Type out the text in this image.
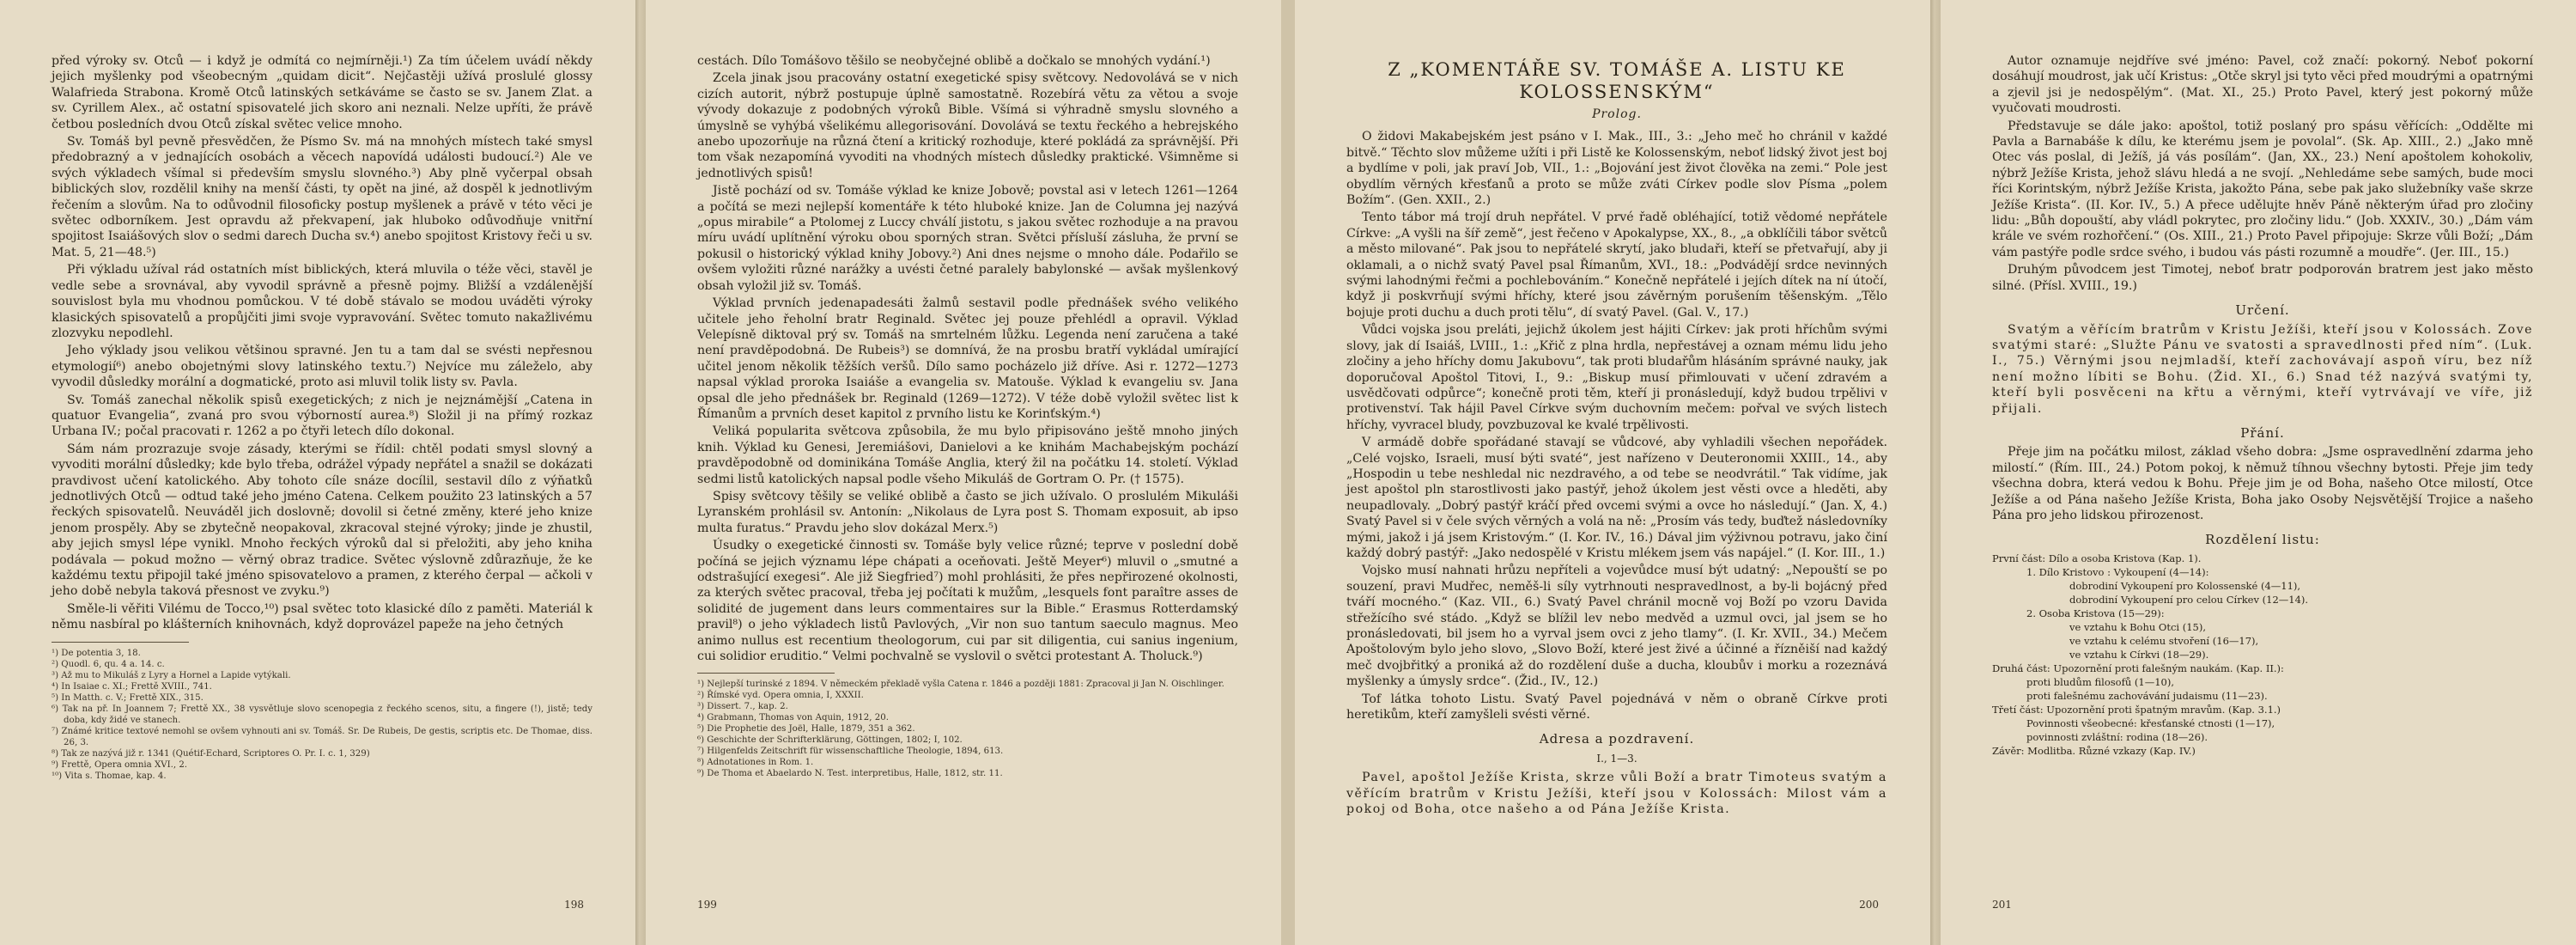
před výroky sv. Otců — i když je odmítá co nejmírněji.¹) Za tím účelem uvádí někdy jejich myšlenky pod všeobecným „quidam dicit“. Nejčastěji užívá proslulé glossy Walafrieda Strabona. Kromě Otců latinských setkáváme se často se sv. Janem Zlat. a sv. Cyrillem Alex., ač ostatní spisovatelé jich skoro ani neznali. Nelze upříti, že právě četbou posledních dvou Otců získal světec velice mnoho.

Sv. Tomáš byl pevně přesvědčen, že Písmo Sv. má na mnohých místech také smysl předobrazný a v jednajících osobách a věcech napovídá události budoucí.²) Ale ve svých výkladech všímal si především smyslu slovného.³) Aby plně vyčerpal obsah biblických slov, rozdělil knihy na menší části, ty opět na jiné, až dospěl k jednotlivým řečením a slovům. Na to odůvodnil filosoficky postup myšlenek a právě v této věci je světec odborníkem. Jest opravdu až překvapení, jak hluboko odůvodňuje vnitřní spojitost Isaiášových slov o sedmi darech Ducha sv.⁴) anebo spojitost Kristovy řeči u sv. Mat. 5, 21—48.⁵)

Při výkladu užíval rád ostatních míst biblických, která mluvila o téže věci, stavěl je vedle sebe a srovnával, aby vyvodil správně a přesně pojmy. Bližší a vzdálenější souvislost byla mu vhodnou pomůckou. V té době stávalo se modou uváděti výroky klasických spisovatelů a propůjčiti jimi svoje vypravování. Světec tomuto nakažlivému zlozvyku nepodlehl.

Jeho výklady jsou velikou většinou spravné. Jen tu a tam dal se svésti nepřesnou etymologií⁶) anebo obojetnými slovy latinského textu.⁷) Nejvíce mu záleželo, aby vyvodil důsledky morální a dogmatické, proto asi mluvil tolik listy sv. Pavla.

Sv. Tomáš zanechal několik spisů exegetických; z nich je nejznámější „Catena in quatuor Evangelia“, zvaná pro svou výborností aurea.⁸) Složil ji na přímý rozkaz Urbana IV.; počal pracovati r. 1262 a po čtyři letech dílo dokonal.

Sám nám prozrazuje svoje zásady, kterými se řídil: chtěl podati smysl slovný a vyvoditi morální důsledky; kde bylo třeba, odrážel výpady nepřátel a snažil se dokázati pravdivost učení katolického. Aby tohoto cíle snáze docílil, sestavil dílo z výňatků jednotlivých Otců — odtud také jeho jméno Catena. Celkem použito 23 latinských a 57 řeckých spisovatelů. Neuváděl jich doslovně; dovolil si četné změny, které jeho knize jenom prospěly. Aby se zbytečně neopakoval, zkracoval stejné výroky; jinde je zhustil, aby jejich smysl lépe vynikl. Mnoho řeckých výroků dal si přeložiti, aby jeho kniha podávala — pokud možno — věrný obraz tradice. Světec výslovně zdůrazňuje, že ke každému textu připojil také jméno spisovatelovo a pramen, z kterého čerpal — ačkoli v jeho době nebyla taková přesnost ve zvyku.⁹)

Směle-li věřiti Vilému de Tocco,¹⁰) psal světec toto klasické dílo z paměti. Materiál k němu nasbíral po klášterních knihovnách, když doprovázel papeže na jeho četných

¹) De potentia 3, 18.
²) Quodl. 6, qu. 4 a. 14. c.
³) Až mu to Mikuláš z Lyry a Hornel a Lapide vytýkali.
⁴) In Isaiae c. XI.; Frettě XVIII., 741.
⁵) In Matth. c. V.; Frettě XIX., 315.
⁶) Tak na př. In Joannem 7; Frettě XX., 38 vysvětluje slovo scenopegia z řeckého scenos, situ, a fingere (!), jistě; tedy doba, kdy židé ve stanech.
⁷) Známé kritice textové nemohl se ovšem vyhnouti ani sv. Tomáš. Sr. De Rubeis, De gestis, scriptis etc. De Thomae, diss. 26, 3.
⁸) Tak ze nazývá již r. 1341 (Quétif-Echard, Scriptores O. Pr. I. c. 1, 329)
⁹) Frettě, Opera omnia XVI., 2.
¹⁰) Vita s. Thomae, kap. 4.
198

cestách. Dílo Tomášovo těšilo se neobyčejné oblibě a dočkalo se mnohých vydání.¹)

Zcela jinak jsou pracovány ostatní exegetické spisy světcovy. Nedovolává se v nich cizích autorit, nýbrž postupuje úplně samostatně. Rozebírá větu za větou a svoje vývody dokazuje z podobných výroků Bible. Všímá si výhradně smyslu slovného a úmyslně se vyhýbá všelikému allegorisování. Dovolává se textu řeckého a hebrejského anebo upozorňuje na různá čtení a kritický rozhoduje, které pokládá za správnější. Při tom však nezapomíná vyvoditi na vhodných místech důsledky praktické. Všimněme si jednotlivých spisů!

Jistě pochází od sv. Tomáše výklad ke knize Jobově; povstal asi v letech 1261—1264 a počítá se mezi nejlepší komentáře k této hluboké knize. Jan de Columna jej nazývá „opus mirabile“ a Ptolomej z Luccy chválí jistotu, s jakou světec rozhoduje a na pravou míru uvádí uplítnění výroku obou sporných stran. Světci přísluší zásluha, že první se pokusil o historický výklad knihy Jobovy.²) Ani dnes nejsme o mnoho dále. Podařilo se ovšem vyložiti různé narážky a uvésti četné paralely babylonské — avšak myšlenkový obsah vyložil již sv. Tomáš.

Výklad prvních jedenapadesáti žalmů sestavil podle přednášek svého velikého učitele jeho řeholní bratr Reginald. Světec jej pouze přehlédl a opravil. Výklad Velepísně diktoval prý sv. Tomáš na smrtelném lůžku. Legenda není zaručena a také není pravděpodobná. De Rubeis³) se domnívá, že na prosbu bratří vykládal umírající učitel jenom několik těžších veršů. Dílo samo pocházelo již dříve. Asi r. 1272—1273 napsal výklad proroka Isaiáše a evangelia sv. Matouše. Výklad k evangeliu sv. Jana opsal dle jeho přednášek br. Reginald (1269—1272). V téže době vyložil světec list k Římanům a prvních deset kapitol z prvního listu ke Korinťským.⁴)

Veliká popularita světcova způsobila, že mu bylo připisováno ještě mnoho jiných knih. Výklad ku Genesi, Jeremiášovi, Danielovi a ke knihám Machabejským pochází pravděpodobně od dominikána Tomáše Anglia, který žil na počátku 14. století. Výklad sedmi listů katolických napsal podle všeho Mikuláš de Gortram O. Pr. († 1575).

Spisy světcovy těšily se veliké oblibě a často se jich užívalo. O proslulém Mikuláši Lyranském prohlásil sv. Antonín: „Nikolaus de Lyra post S. Thomam exposuit, ab ipso multa furatus.“ Pravdu jeho slov dokázal Merx.⁵)

Úsudky o exegetické činnosti sv. Tomáše byly velice různé; teprve v poslední době počíná se jejich významu lépe chápati a oceňovati. Ještě Meyer⁶) mluvil o „smutné a odstrašující exegesi“. Ale již Siegfried⁷) mohl prohlásiti, že přes nepřirozené okolnosti, za kterých světec pracoval, třeba jej počítati k mužům, „lesquels font paraître asses de solidité de jugement dans leurs commentaires sur la Bible.“ Erasmus Rotterdamský pravil⁸) o jeho výkladech listů Pavlových, „Vir non suo tantum saeculo magnus. Meo animo nullus est recentium theologorum, cui par sit diligentia, cui sanius ingenium, cui solidior eruditio.“ Velmi pochvalně se vyslovil o světci protestant A. Tholuck.⁹)

¹) Nejlepší turinské z 1894. V německém překladě vyšla Catena r. 1846 a později 1881: Zpracoval ji Jan N. Oischlinger.
²) Římské vyd. Opera omnia, I, XXXII.
³) Dissert. 7., kap. 2.
⁴) Grabmann, Thomas von Aquin, 1912, 20.
⁵) Die Prophetie des Joël, Halle, 1879, 351 a 362.
⁶) Geschichte der Schrifterklärung, Göttingen, 1802; I, 102.
⁷) Hilgenfelds Zeitschrift für wissenschaftliche Theologie, 1894, 613.
⁸) Adnotationes in Rom. 1.
⁹) De Thoma et Abaelardo N. Test. interpretibus, Halle, 1812, str. 11.
199
Z „KOMENTÁŘE SV. TOMÁŠE A. LISTU KE KOLOSSENSKÝM“
Prolog.

O židovi Makabejském jest psáno v I. Mak., III., 3.: „Jeho meč ho chránil v každé bitvě.“ Těchto slov můžeme užíti i při Listě ke Kolossenským, neboť lidský život jest boj a bydlíme v poli, jak praví Job, VII., 1.: „Bojování jest život člověka na zemi.“ Pole jest obydlím věrných křesťanů a proto se může zváti Církev podle slov Písma „polem Božím“. (Gen. XXII., 2.)

Tento tábor má trojí druh nepřátel. V prvé řadě obléhající, totiž vědomé nepřátele Církve: „A vyšli na šíř země“, jest řečeno v Apokalypse, XX., 8., „a obklíčili tábor světců a město milované“. Pak jsou to nepřátelé skrytí, jako bludaři, kteří se přetvařují, aby ji oklamali, a o nichž svatý Pavel psal Římanům, XVI., 18.: „Podvádějí srdce nevinných svými lahodnými řečmi a pochlebováním.“ Konečně nepřátelé i jejích dítek na ní útočí, když ji poskvrňují svými hříchy, které jsou závěrným porušením těšenským. „Tělo bojuje proti duchu a duch proti tělu“, dí svatý Pavel. (Gal. V., 17.)

Vůdci vojska jsou preláti, jejichž úkolem jest hájiti Církev: jak proti hříchům svými slovy, jak dí Isaiáš, LVIII., 1.: „Křič z plna hrdla, nepřestávej a oznam mému lidu jeho zločiny a jeho hříchy domu Jakubovu“, tak proti bludařům hlásáním správné nauky, jak doporučoval Apoštol Titovi, I., 9.: „Biskup musí přimlouvati v učení zdravém a usvědčovati odpůrce“; konečně proti těm, kteří ji pronásledují, když budou trpělivi v protivenství. Tak hájil Pavel Církve svým duchovním mečem: pořval ve svých listech hříchy, vyvracel bludy, povzbuzoval ke kvalé trpělivosti.

V armádě dobře spořádané stavají se vůdcové, aby vyhladili všechen nepořádek. „Celé vojsko, Israeli, musí býti svaté“, jest nařízeno v Deuteronomii XXIII., 14., aby „Hospodin u tebe neshledal nic nezdravého, a od tebe se neodvrátil.“ Tak vidíme, jak jest apoštol pln starostlivosti jako pastýř, jehož úkolem jest věsti ovce a hleděti, aby neupadlovaly. „Dobrý pastýř kráčí před ovcemi svými a ovce ho následují.“ (Jan. X, 4.) Svatý Pavel si v čele svých věrných a volá na ně: „Prosím vás tedy, buďtež následovníky mými, jakož i já jsem Kristovým.“ (I. Kor. IV., 16.) Dával jim výživnou potravu, jako činí každý dobrý pastýř: „Jako nedospělé v Kristu mlékem jsem vás napájel.“ (I. Kor. III., 1.)

Vojsko musí nahnati hrůzu nepříteli a vojevůdce musí být udatný: „Nepouští se po souzení, pravi Mudřec, neměš-li síly vytrhnouti nespravedlnost, a by-li bojácný před tváří mocného.“ (Kaz. VII., 6.) Svatý Pavel chránil mocně voj Boží po vzoru Davida střežícího své stádo. „Když se blížil lev nebo medvěd a uzmul ovci, jal jsem se ho pronásledovati, bil jsem ho a vyrval jsem ovci z jeho tlamy“. (I. Kr. XVII., 34.) Mečem Apoštolovým bylo jeho slovo, „Slovo Boží, které jest živé a účinné a řízněiší nad každý meč dvojbřitký a proniká až do rozdělení duše a ducha, kloubův i morku a rozeznává myšlenky a úmysly srdce“. (Žid., IV., 12.)

Tof látka tohoto Listu. Svatý Pavel pojednává v něm o obraně Církve proti heretikům, kteří zamyšleli svésti věrné.

Adresa a pozdravení.
I., 1—3.

Pavel, apoštol Ježíše Krista, skrze vůli Boží a bratr Timoteus svatým a věřícím bratrům v Kristu Ježíši, kteří jsou v Kolossách: Milost vám a pokoj od Boha, otce našeho a od Pána Ježíše Krista.

200

Autor oznamuje nejdříve své jméno: Pavel, což značí: pokorný. Neboť pokorní dosáhují moudrost, jak učí Kristus: „Otče skryl jsi tyto věci před moudrými a opatrnými a zjevil jsi je nedospělým“. (Mat. XI., 25.) Proto Pavel, který jest pokorný může vyučovati moudrosti.

Představuje se dále jako: apoštol, totiž poslaný pro spásu věřících: „Oddělte mi Pavla a Barnabáše k dílu, ke kterému jsem je povolal“. (Sk. Ap. XIII., 2.) „Jako mně Otec vás poslal, di Ježíš, já vás posílám“. (Jan, XX., 23.) Není apoštolem kohokoliv, nýbrž Ježíše Krista, jehož slávu hledá a ne svojí. „Nehledáme sebe samých, bude moci říci Korintským, nýbrž Ježíše Krista, jakožto Pána, sebe pak jako služebníky vaše skrze Ježíše Krista“. (II. Kor. IV., 5.) A přece udělujte hněv Páně některým úřad pro zločiny lidu: „Bůh dopouští, aby vládl pokrytec, pro zločiny lidu.“ (Job. XXXIV., 30.) „Dám vám krále ve svém rozhořčení.“ (Os. XIII., 21.) Proto Pavel připojuje: Skrze vůli Boží; „Dám vám pastýře podle srdce svého, i budou vás pásti rozumně a moudře“. (Jer. III., 15.)

Druhým původcem jest Timotej, neboť bratr podporován bratrem jest jako město silné. (Přísl. XVIII., 19.)

Určení.

Svatým a věřícím bratrům v Kristu Ježíši, kteří jsou v Kolossách. Zove svatými staré: „Služte Pánu ve svatosti a spravedlnosti před ním“. (Luk. I., 75.) Věrnými jsou nejmladší, kteří zachovávají aspoň víru, bez níž není možno líbiti se Bohu. (Žid. XI., 6.) Snad též nazývá svatými ty, kteří byli posvěceni na křtu a věrnými, kteří vytrvávají ve víře, již přijali.

Přání.

Přeje jim na počátku milost, základ všeho dobra: „Jsme ospravedlnění zdarma jeho milostí.“ (Řím. III., 24.) Potom pokoj, k němuž tíhnou všechny bytosti. Přeje jim tedy všechna dobra, která vedou k Bohu. Přeje jim je od Boha, našeho Otce milostí, Otce Ježíše a od Pána našeho Ježíše Krista, Boha jako Osoby Nejsvětější Trojice a našeho Pána pro jeho lidskou přirozenost.

Rozdělení listu:
První část: Dílo a osoba Kristova (Kap. 1).
1. Dílo Kristovo : Vykoupení (4—14):
dobrodiní Vykoupení pro Kolossenské (4—11),
dobrodiní Vykoupení pro celou Církev (12—14).
2. Osoba Kristova (15—29):
ve vztahu k Bohu Otci (15),
ve vztahu k celému stvoření (16—17),
ve vztahu k Církvi (18—29).
Druhá část: Upozornění proti falešným naukám. (Kap. II.):
proti bludům filosofů (1—10),
proti falešnému zachovávání judaismu (11—23).
Třetí část: Upozornění proti špatným mravům. (Kap. 3.1.)
Povinnosti všeobecné: křesťanské ctnosti (1—17),
povinnosti zvláštní: rodina (18—26).
Závěr: Modlitba. Různé vzkazy (Kap. IV.)
201
